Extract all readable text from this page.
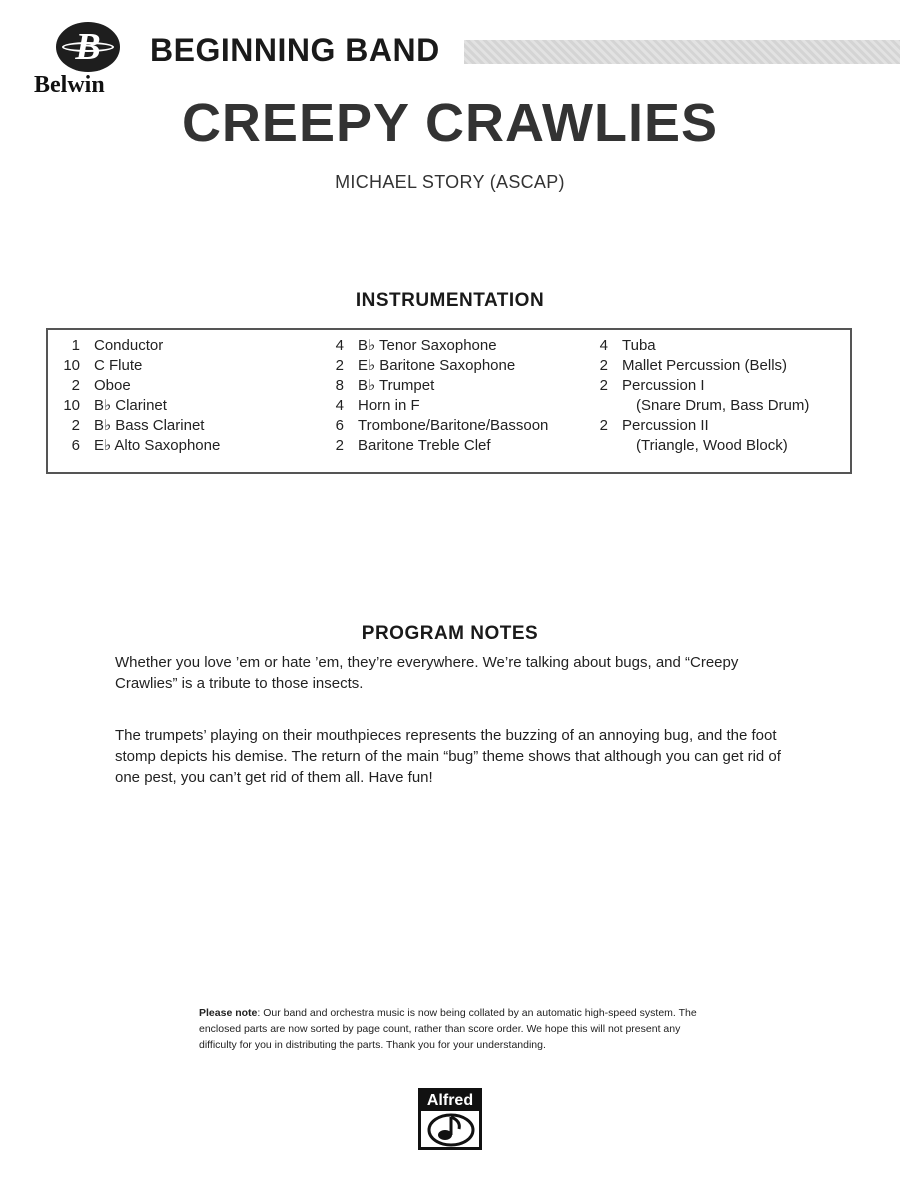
B
Belwin
BEGINNING BAND
CREEPY CRAWLIES
MICHAEL STORY (ASCAP)
INSTRUMENTATION
1 Conductor
10 C Flute
2 Oboe
10 B♭ Clarinet
2 B♭ Bass Clarinet
6 E♭ Alto Saxophone
4 B♭ Tenor Saxophone
2 E♭ Baritone Saxophone
8 B♭ Trumpet
4 Horn in F
6 Trombone/Baritone/Bassoon
2 Baritone Treble Clef
4 Tuba
2 Mallet Percussion (Bells)
2 Percussion I
(Snare Drum, Bass Drum)
2 Percussion II
(Triangle, Wood Block)
PROGRAM NOTES

Whether you love ’em or hate ’em, they’re everywhere. We’re talking about bugs, and “Creepy Crawlies” is a tribute to those insects.

The trumpets’ playing on their mouthpieces represents the buzzing of an annoying bug, and the foot stomp depicts his demise. The return of the main “bug” theme shows that although you can get rid of one pest, you can’t get rid of them all. Have fun!

Please note: Our band and orchestra music is now being collated by an automatic high-speed system. The enclosed parts are now sorted by page count, rather than score order. We hope this will not present any difficulty for you in distributing the parts. Thank you for your understanding.
Alfred
